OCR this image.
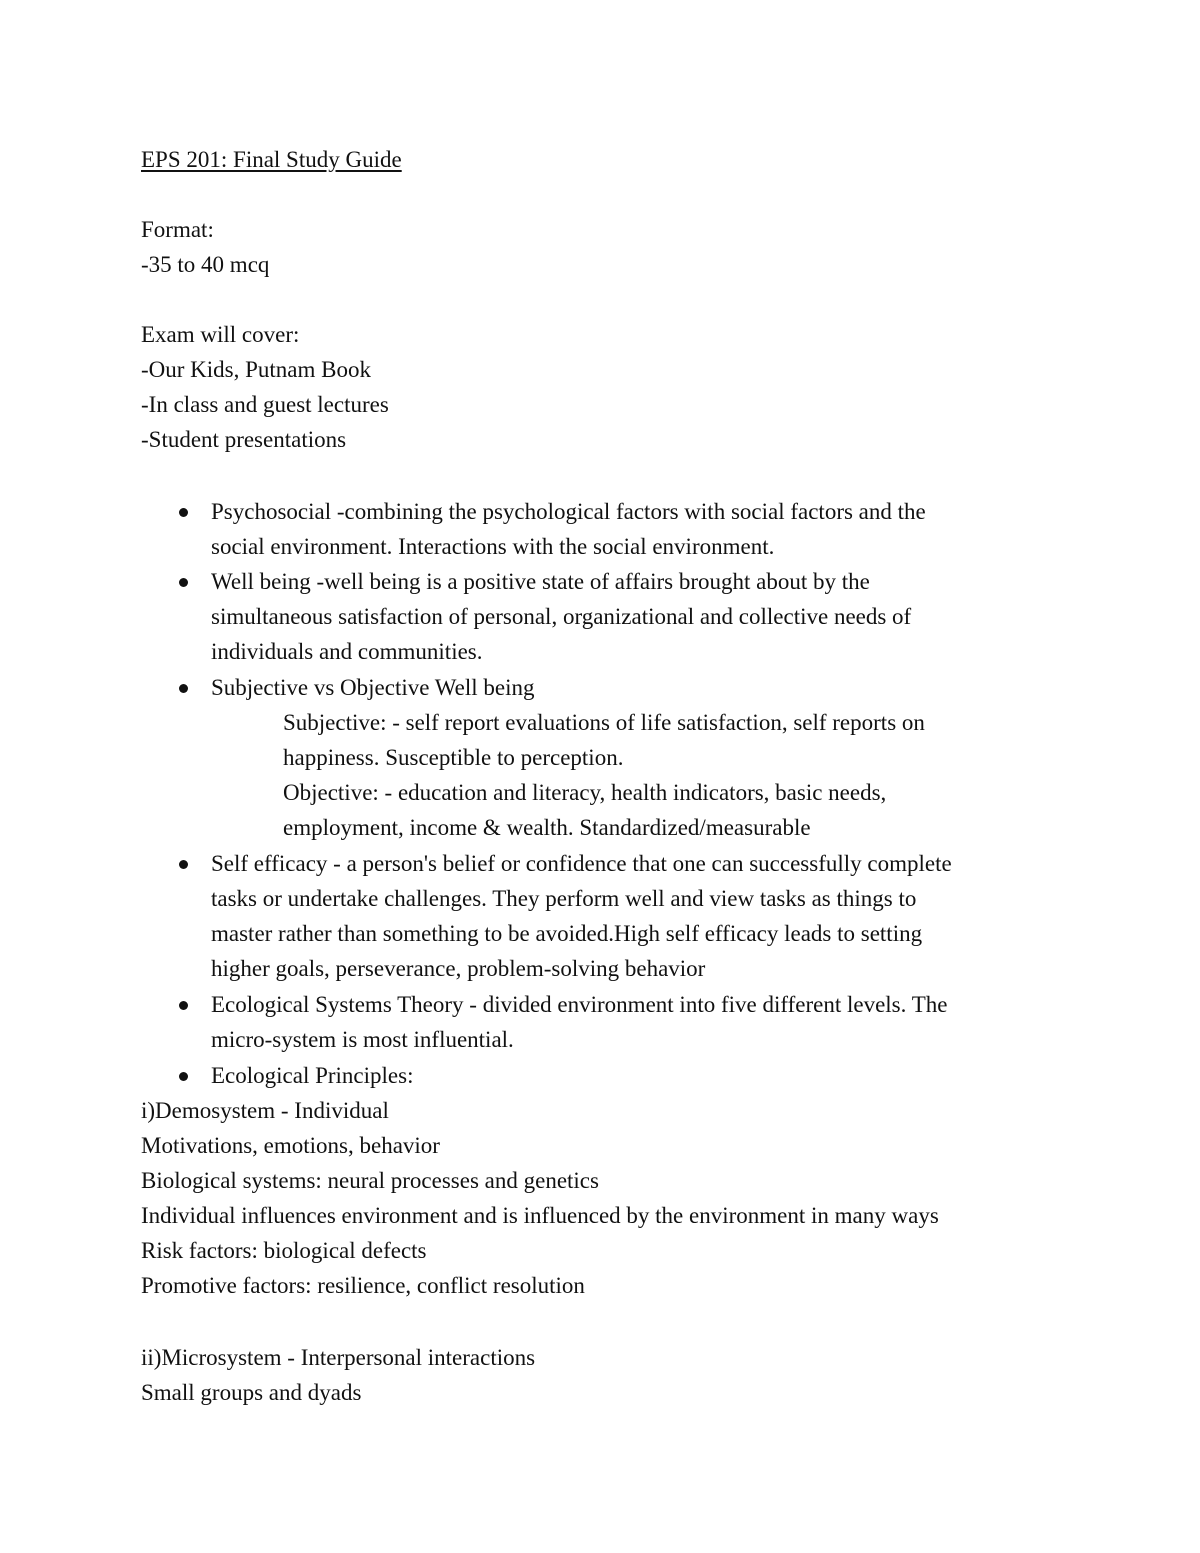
EPS 201: Final Study Guide
Format:
-35 to 40 mcq
Exam will cover:
-Our Kids, Putnam Book
-In class and guest lectures
-Student presentations
Psychosocial -combining the psychological factors with social factors and the
social environment. Interactions with the social environment.
Well being -well being is a positive state of affairs brought about by the
simultaneous satisfaction of personal, organizational and collective needs of
individuals and communities.
Subjective vs Objective Well being
Subjective: - self report evaluations of life satisfaction, self reports on
happiness. Susceptible to perception.
Objective: - education and literacy, health indicators, basic needs,
employment, income & wealth. Standardized/measurable
Self efficacy - a person's belief or confidence that one can successfully complete
tasks or undertake challenges. They perform well and view tasks as things to
master rather than something to be avoided.High self efficacy leads to setting
higher goals, perseverance, problem-solving behavior
Ecological Systems Theory - divided environment into five different levels. The
micro-system is most influential.
Ecological Principles:
i)Demosystem - Individual
Motivations, emotions, behavior
Biological systems: neural processes and genetics
Individual influences environment and is influenced by the environment in many ways
Risk factors: biological defects
Promotive factors: resilience, conflict resolution
ii)Microsystem - Interpersonal interactions
Small groups and dyads
